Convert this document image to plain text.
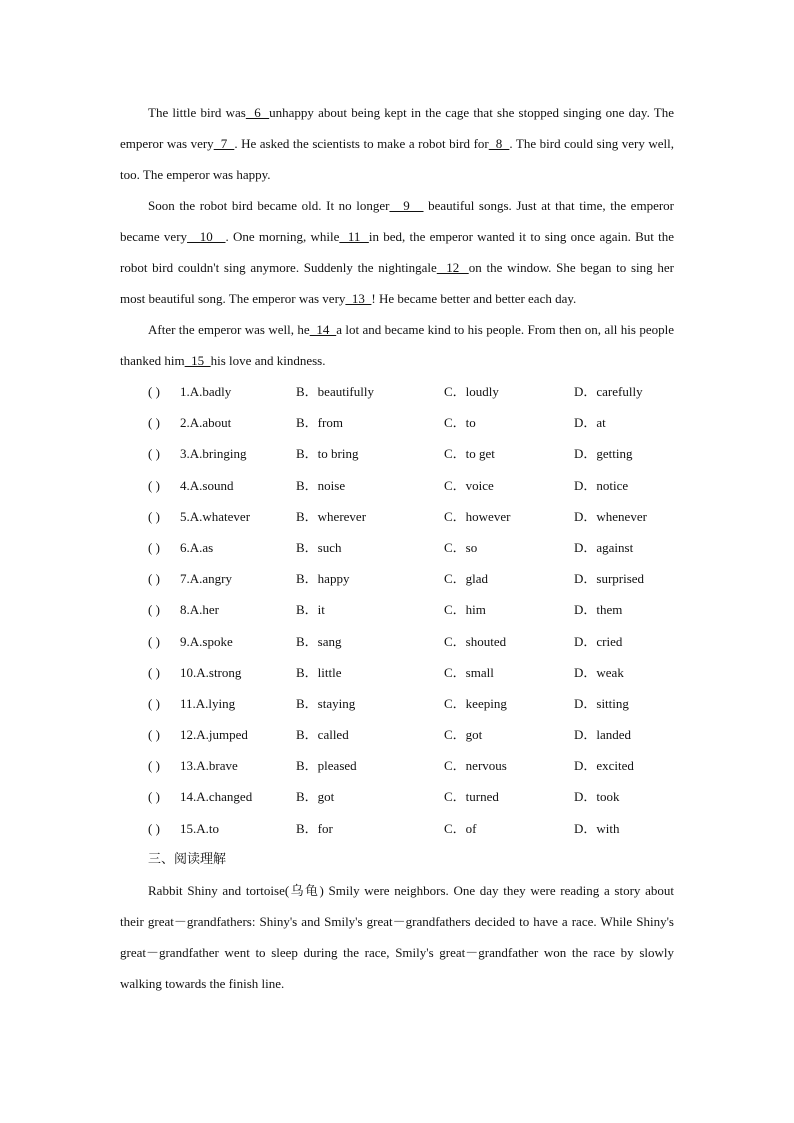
The little bird was  6  unhappy about being kept in the cage that she stopped singing one day. The emperor was very  7  . He asked the scientists to make a robot bird for  8  . The bird could sing very well, too. The emperor was happy.

Soon the robot bird became old. It no longer   9    beautiful songs. Just at that time, the emperor became very   10   . One morning, while  11  in bed, the emperor wanted it to sing once again. But the robot bird couldn't sing anymore. Suddenly the nightingale  12  on the window. She began to sing her most beautiful song. The emperor was very  13  ! He became better and better each day.

After the emperor was well, he  14  a lot and became kind to his people. From then on, all his people thanked him  15  his love and kindness.

( ) 1.A.badly	B．beautifully	C．loudly	D．carefully
( ) 2.A.about	B．from	C．to	D．at
( ) 3.A.bringing	B．to bring	C．to get	D．getting
( ) 4.A.sound	B．noise	C．voice	D．notice
( ) 5.A.whatever	B．wherever	C．however	D．whenever
( ) 6.A.as	B．such	C．so	D．against
( ) 7.A.angry	B．happy	C．glad	D．surprised
( ) 8.A.her	B．it	C．him	D．them
( ) 9.A.spoke	B．sang	C．shouted	D．cried
( ) 10.A.strong	B．little	C．small	D．weak
( ) 11.A.lying	B．staying	C．keeping	D．sitting
( ) 12.A.jumped	B．called	C．got	D．landed
( ) 13.A.brave	B．pleased	C．nervous	D．excited
( ) 14.A.changed	B．got	C．turned	D．took
( ) 15.A.to	B．for	C．of	D．with

三、阅读理解

Rabbit Shiny and tortoise(乌龟) Smily were neighbors. One day they were reading a story about their great－grandfathers: Shiny's and Smily's great－grandfathers decided to have a race. While Shiny's great－grandfather went to sleep during the race, Smily's great－grandfather won the race by slowly walking towards the finish line.
